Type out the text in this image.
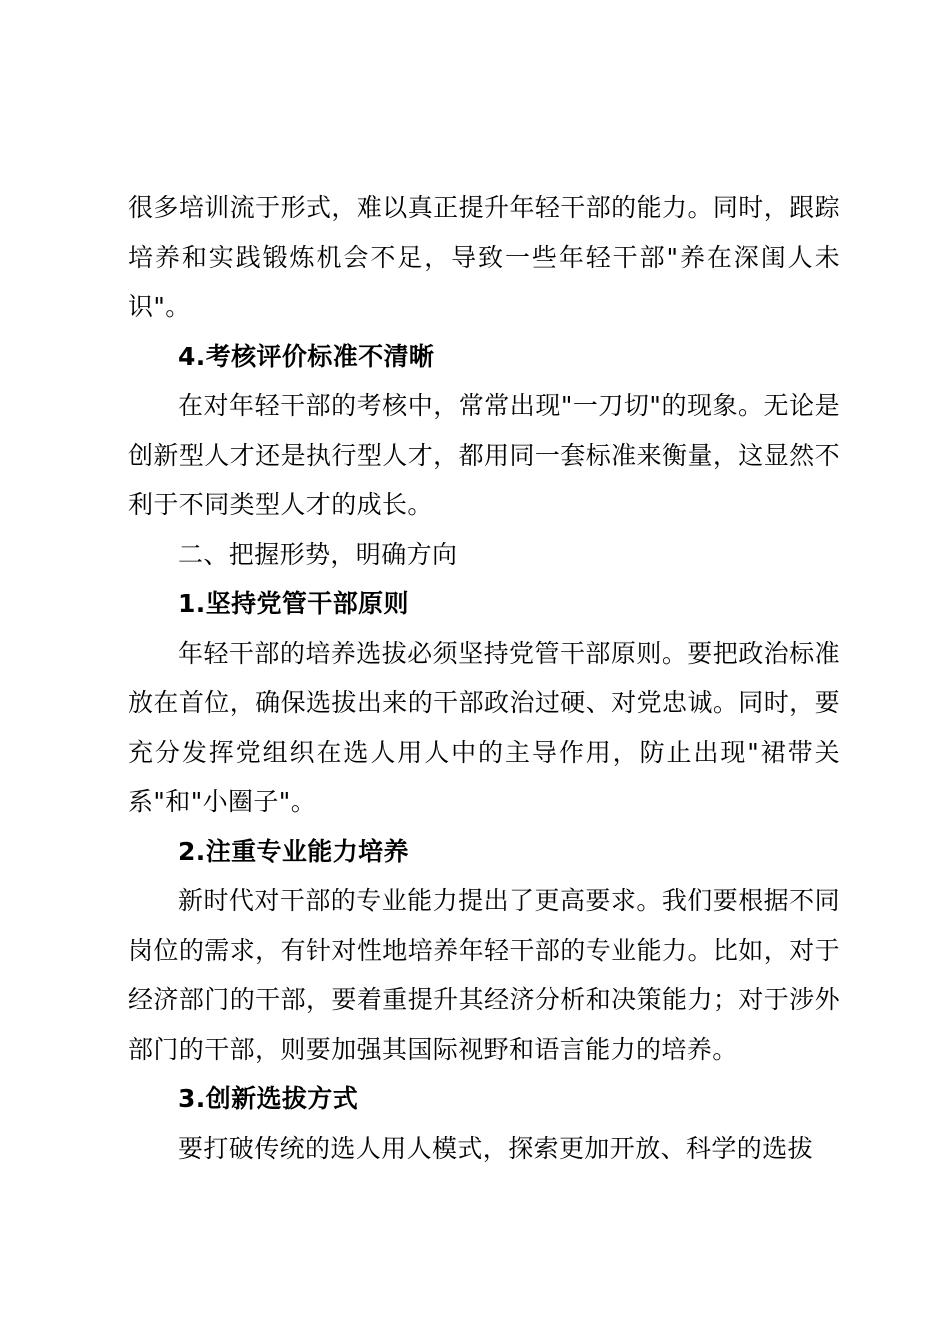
很多培训流于形式，难以真正提升年轻干部的能力。同时，跟踪培养和实践锻炼机会不足，导致一些年轻干部"养在深闺人未识"。

4.考核评价标准不清晰

在对年轻干部的考核中，常常出现"一刀切"的现象。无论是创新型人才还是执行型人才，都用同一套标准来衡量，这显然不利于不同类型人才的成长。

二、把握形势，明确方向

1.坚持党管干部原则

年轻干部的培养选拔必须坚持党管干部原则。要把政治标准放在首位，确保选拔出来的干部政治过硬、对党忠诚。同时，要充分发挥党组织在选人用人中的主导作用，防止出现"裙带关系"和"小圈子"。

2.注重专业能力培养

新时代对干部的专业能力提出了更高要求。我们要根据不同岗位的需求，有针对性地培养年轻干部的专业能力。比如，对于经济部门的干部，要着重提升其经济分析和决策能力；对于涉外部门的干部，则要加强其国际视野和语言能力的培养。

3.创新选拔方式

要打破传统的选人用人模式，探索更加开放、科学的选拔
